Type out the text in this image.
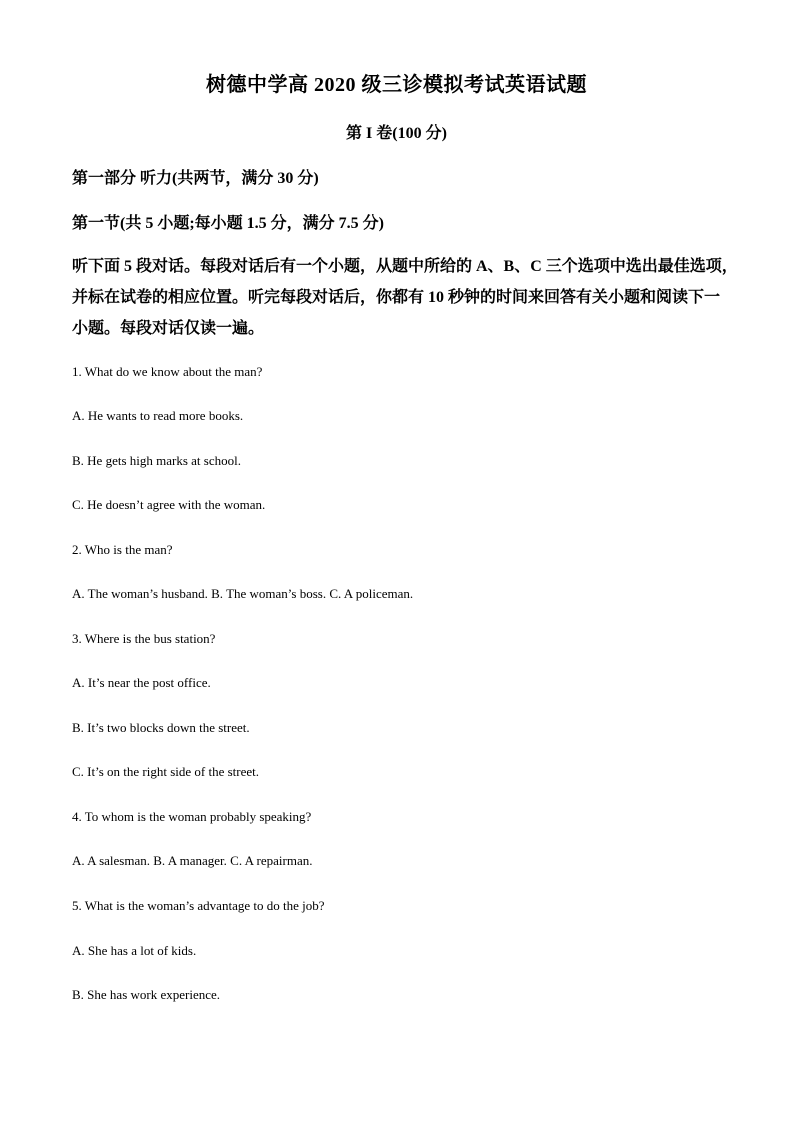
树德中学高 2020 级三诊模拟考试英语试题
第 I 卷(100 分)
第一部分 听力(共两节，满分 30 分)
第一节(共 5 小题;每小题 1.5 分，满分 7.5 分)
听下面 5 段对话。每段对话后有一个小题，从题中所给的 A、B、C 三个选项中选出最佳选项，
并标在试卷的相应位置。听完每段对话后，你都有 10 秒钟的时间来回答有关小题和阅读下一
小题。每段对话仅读一遍。
1. What do we know about the man?
A. He wants to read more books.
B. He gets high marks at school.
C. He doesn’t agree with the woman.
2. Who is the man?
A. The woman’s husband. B. The woman’s boss. C. A policeman.
3. Where is the bus station?
A. It’s near the post office.
B. It’s two blocks down the street.
C. It’s on the right side of the street.
4. To whom is the woman probably speaking?
A. A salesman. B. A manager. C. A repairman.
5. What is the woman’s advantage to do the job?
A. She has a lot of kids.
B. She has work experience.
